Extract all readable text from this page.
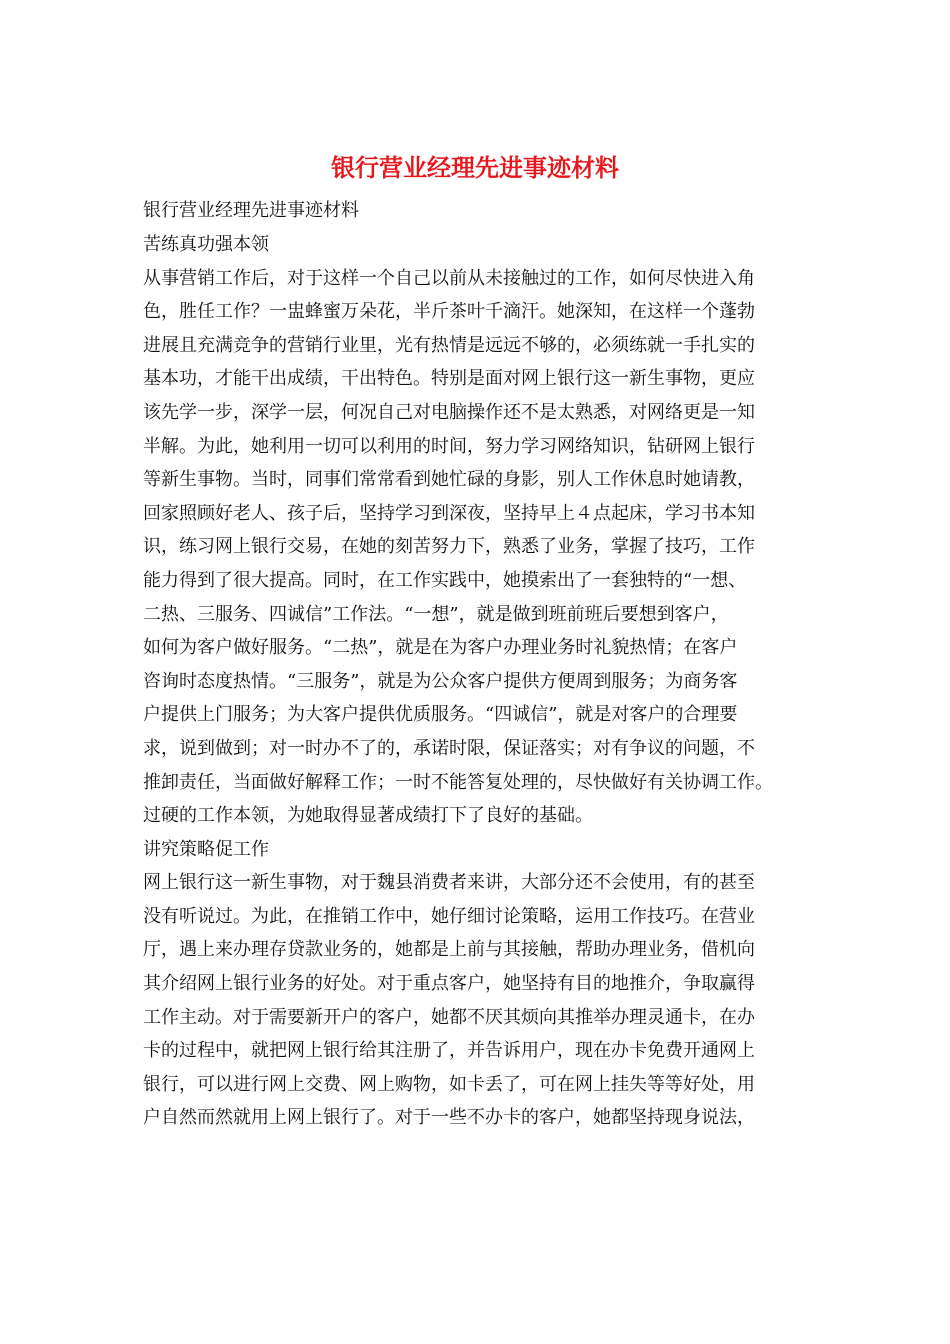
银行营业经理先进事迹材料
银行营业经理先进事迹材料
苦练真功强本领
从事营销工作后，对于这样一个自己以前从未接触过的工作，如何尽快进入角
色，胜任工作？一盅蜂蜜万朵花，半斤茶叶千滴汗。她深知，在这样一个蓬勃
进展且充满竞争的营销行业里，光有热情是远远不够的，必须练就一手扎实的
基本功，才能干出成绩，干出特色。特别是面对网上银行这一新生事物，更应
该先学一步，深学一层，何况自己对电脑操作还不是太熟悉，对网络更是一知
半解。为此，她利用一切可以利用的时间，努力学习网络知识，钻研网上银行
等新生事物。当时，同事们常常看到她忙碌的身影，别人工作休息时她请教，
回家照顾好老人、孩子后，坚持学习到深夜，坚持早上４点起床，学习书本知
识，练习网上银行交易，在她的刻苦努力下，熟悉了业务，掌握了技巧，工作
能力得到了很大提高。同时，在工作实践中，她摸索出了一套独特的“一想、
二热、三服务、四诚信”工作法。“一想”，就是做到班前班后要想到客户，
如何为客户做好服务。“二热”，就是在为客户办理业务时礼貌热情；在客户
咨询时态度热情。“三服务”，就是为公众客户提供方便周到服务；为商务客
户提供上门服务；为大客户提供优质服务。“四诚信”，就是对客户的合理要
求，说到做到；对一时办不了的，承诺时限，保证落实；对有争议的问题，不
推卸责任，当面做好解释工作；一时不能答复处理的，尽快做好有关协调工作。
过硬的工作本领，为她取得显著成绩打下了良好的基础。
讲究策略促工作
网上银行这一新生事物，对于魏县消费者来讲，大部分还不会使用，有的甚至
没有听说过。为此，在推销工作中，她仔细讨论策略，运用工作技巧。在营业
厅，遇上来办理存贷款业务的，她都是上前与其接触，帮助办理业务，借机向
其介绍网上银行业务的好处。对于重点客户，她坚持有目的地推介，争取赢得
工作主动。对于需要新开户的客户，她都不厌其烦向其推举办理灵通卡，在办
卡的过程中，就把网上银行给其注册了，并告诉用户，现在办卡免费开通网上
银行，可以进行网上交费、网上购物，如卡丢了，可在网上挂失等等好处，用
户自然而然就用上网上银行了。对于一些不办卡的客户，她都坚持现身说法，
